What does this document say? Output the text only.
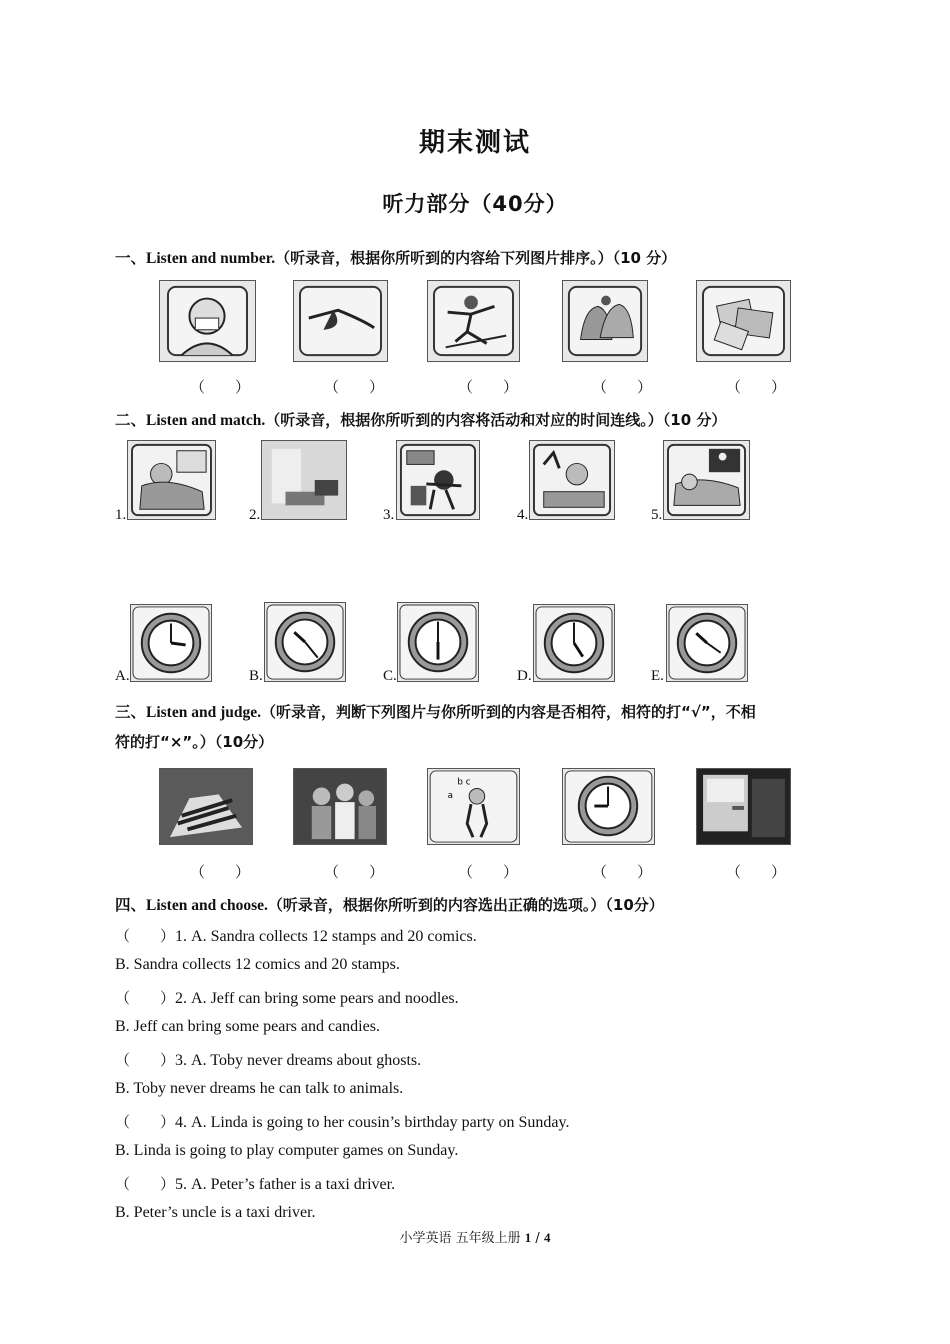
期末测试
听力部分（40分）
一、Listen and number.（听录音，根据你所听到的内容给下列图片排序。）（10 分）
（　　）	（　　）	（　　）	（　　）	（　　）
二、Listen and match.（听录音，根据你所听到的内容将活动和对应的时间连线。）（10 分）
1.	2.	3.	4.	5.
A.	B.	C.	D.	E.
三、Listen and judge.（听录音，判断下列图片与你所听到的内容是否相符，相符的打“√”，不相
符的打“×”。）（10分）
b c
a
（　　）	（　　）	（　　）	（　　）	（　　）
四、Listen and choose.（听录音，根据你所听到的内容选出正确的选项。）（10分）
（　　）1. A. Sandra collects 12 stamps and 20 comics.
B. Sandra collects 12 comics and 20 stamps.
（　　）2. A. Jeff can bring some pears and noodles.
B. Jeff can bring some pears and candies.
（　　）3. A. Toby never dreams about ghosts.
B. Toby never dreams he can talk to animals.
（　　）4. A. Linda is going to her cousin’s birthday party on Sunday.
B. Linda is going to play computer games on Sunday.
（　　）5. A. Peter’s father is a taxi driver.
B. Peter’s uncle is a taxi driver.
小学英语 五年级上册 1 / 4
